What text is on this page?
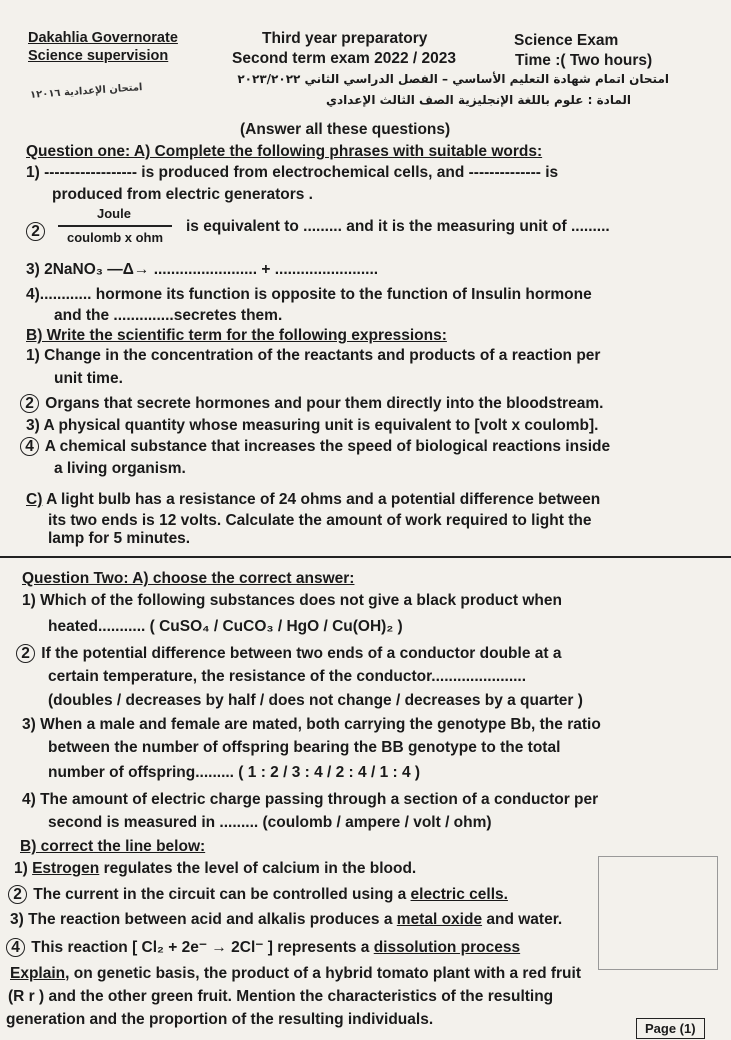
Dakahlia Governorate
Science supervision
Third year preparatory
Second term exam 2022 / 2023
Science Exam
Time :( Two hours)
امتحان اتمام شهادة التعليم الأساسي – الفصل الدراسي الثاني ٢٠٢٣/٢٠٢٢
المادة : علوم باللغة الإنجليزية الصف الثالث الإعدادي
امتحان الإعدادية ١٢٠١٦
(Answer all these questions)
Question one: A) Complete the following phrases with suitable words:
1) ------------------ is produced from electrochemical cells, and -------------- is
produced from electric generators .
2
Joule
coulomb x ohm
is equivalent to ......... and it is the measuring unit of .........
3) 2NaNO₃ —Δ→ ........................ + ........................
4)............ hormone its function is opposite to the function of Insulin hormone
and the ..............secretes them.
B) Write the scientific term for the following expressions:
1) Change in the concentration of the reactants and products of a reaction per
unit time.
2 Organs that secrete hormones and pour them directly into the bloodstream.
3) A physical quantity whose measuring unit is equivalent to [volt x coulomb].
4 A chemical substance that increases the speed of biological reactions inside
a living organism.
C) A light bulb has a resistance of 24 ohms and a potential difference between
its two ends is 12 volts. Calculate the amount of work required to light the
lamp for 5 minutes.
Question Two: A) choose the correct answer:
1) Which of the following substances does not give a black product when
heated........... ( CuSO₄ / CuCO₃ / HgO / Cu(OH)₂ )
2 If the potential difference between two ends of a conductor double at a
certain temperature, the resistance of the conductor......................
(doubles / decreases by half / does not change / decreases by a quarter )
3) When a male and female are mated, both carrying the genotype Bb, the ratio
between the number of offspring bearing the BB genotype to the total
number of offspring......... ( 1 : 2 / 3 : 4 / 2 : 4 / 1 : 4 )
4) The amount of electric charge passing through a section of a conductor per
second is measured in ......... (coulomb / ampere / volt / ohm)
B) correct the line below:
1) Estrogen regulates the level of calcium in the blood.
2 The current in the circuit can be controlled using a electric cells.
3) The reaction between acid and alkalis produces a metal oxide and water.
4 This reaction [ Cl₂ + 2e⁻ → 2Cl⁻ ] represents a dissolution process
Explain, on genetic basis, the product of a hybrid tomato plant with a red fruit
(R r ) and the other green fruit. Mention the characteristics of the resulting
generation and the proportion of the resulting individuals.
Page (1)
